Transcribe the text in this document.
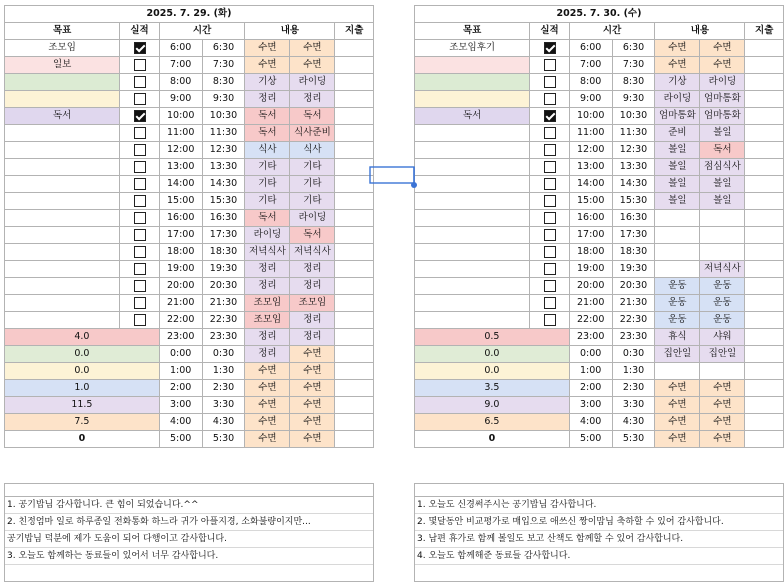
2025. 7. 29. (화)						
목표	실적	시간		내용		지출
조모임		6:00	6:30	수면	수면	
일보		7:00	7:30	수면	수면	
		8:00	8:30	기상	라이딩	
		9:00	9:30	정리	정리	
독서		10:00	10:30	독서	독서	
		11:00	11:30	독서	식사준비	
		12:00	12:30	식사	식사	
		13:00	13:30	기타	기타	
		14:00	14:30	기타	기타	
		15:00	15:30	기타	기타	
		16:00	16:30	독서	라이딩	
		17:00	17:30	라이딩	독서	
		18:00	18:30	저녁식사	저녁식사	
		19:00	19:30	정리	정리	
		20:00	20:30	정리	정리	
		21:00	21:30	조모임	조모임	
		22:00	22:30	조모임	정리	
4.0		23:00	23:30	정리	정리	
0.0		0:00	0:30	정리	수면	
0.0		1:00	1:30	수면	수면	
1.0		2:00	2:30	수면	수면	
11.5		3:00	3:30	수면	수면	
7.5		4:00	4:30	수면	수면	
0		5:00	5:30	수면	수면	
1. 공기밥님 감사합니다. 큰 힘이 되었습니다.^^
2. 친정엄마 일로 하루종일 전화통화 하느라 귀가 아플지경, 소화불량이지만...
공기밥님 덕분에 제가 도움이 되어 다행이고 감사합니다.
3. 오늘도 함께하는 동료들이 있어서 너무 감사합니다.
2025. 7. 30. (수)						
목표	실적	시간		내용		지출
조모임후기		6:00	6:30	수면	수면	
		7:00	7:30	수면	수면	
		8:00	8:30	기상	라이딩	
		9:00	9:30	라이딩	엄마통화	
독서		10:00	10:30	엄마통화	엄마통화	
		11:00	11:30	준비	볼일	
		12:00	12:30	볼일	독서	
		13:00	13:30	볼일	점심식사	
		14:00	14:30	볼일	볼일	
		15:00	15:30	볼일	볼일	
		16:00	16:30			
		17:00	17:30			
		18:00	18:30			
		19:00	19:30		저녁식사	
		20:00	20:30	운동	운동	
		21:00	21:30	운동	운동	
		22:00	22:30	운동	운동	
0.5		23:00	23:30	휴식	샤워	
0.0		0:00	0:30	집안일	집안일	
0.0		1:00	1:30			
3.5		2:00	2:30	수면	수면	
9.0		3:00	3:30	수면	수면	
6.5		4:00	4:30	수면	수면	
0		5:00	5:30	수면	수면	
1. 오늘도 신경써주시는 공기밥님 감사합니다.
2. 몇달동안 비교평가로 매입으로 애쓰신 짱이맘님 축하할 수 있어 감사합니다.
3. 남편 휴가로 함께 볼일도 보고 산책도 함께할 수 있어 감사합니다.
4. 오늘도 함께해준 동료들 감사합니다.
